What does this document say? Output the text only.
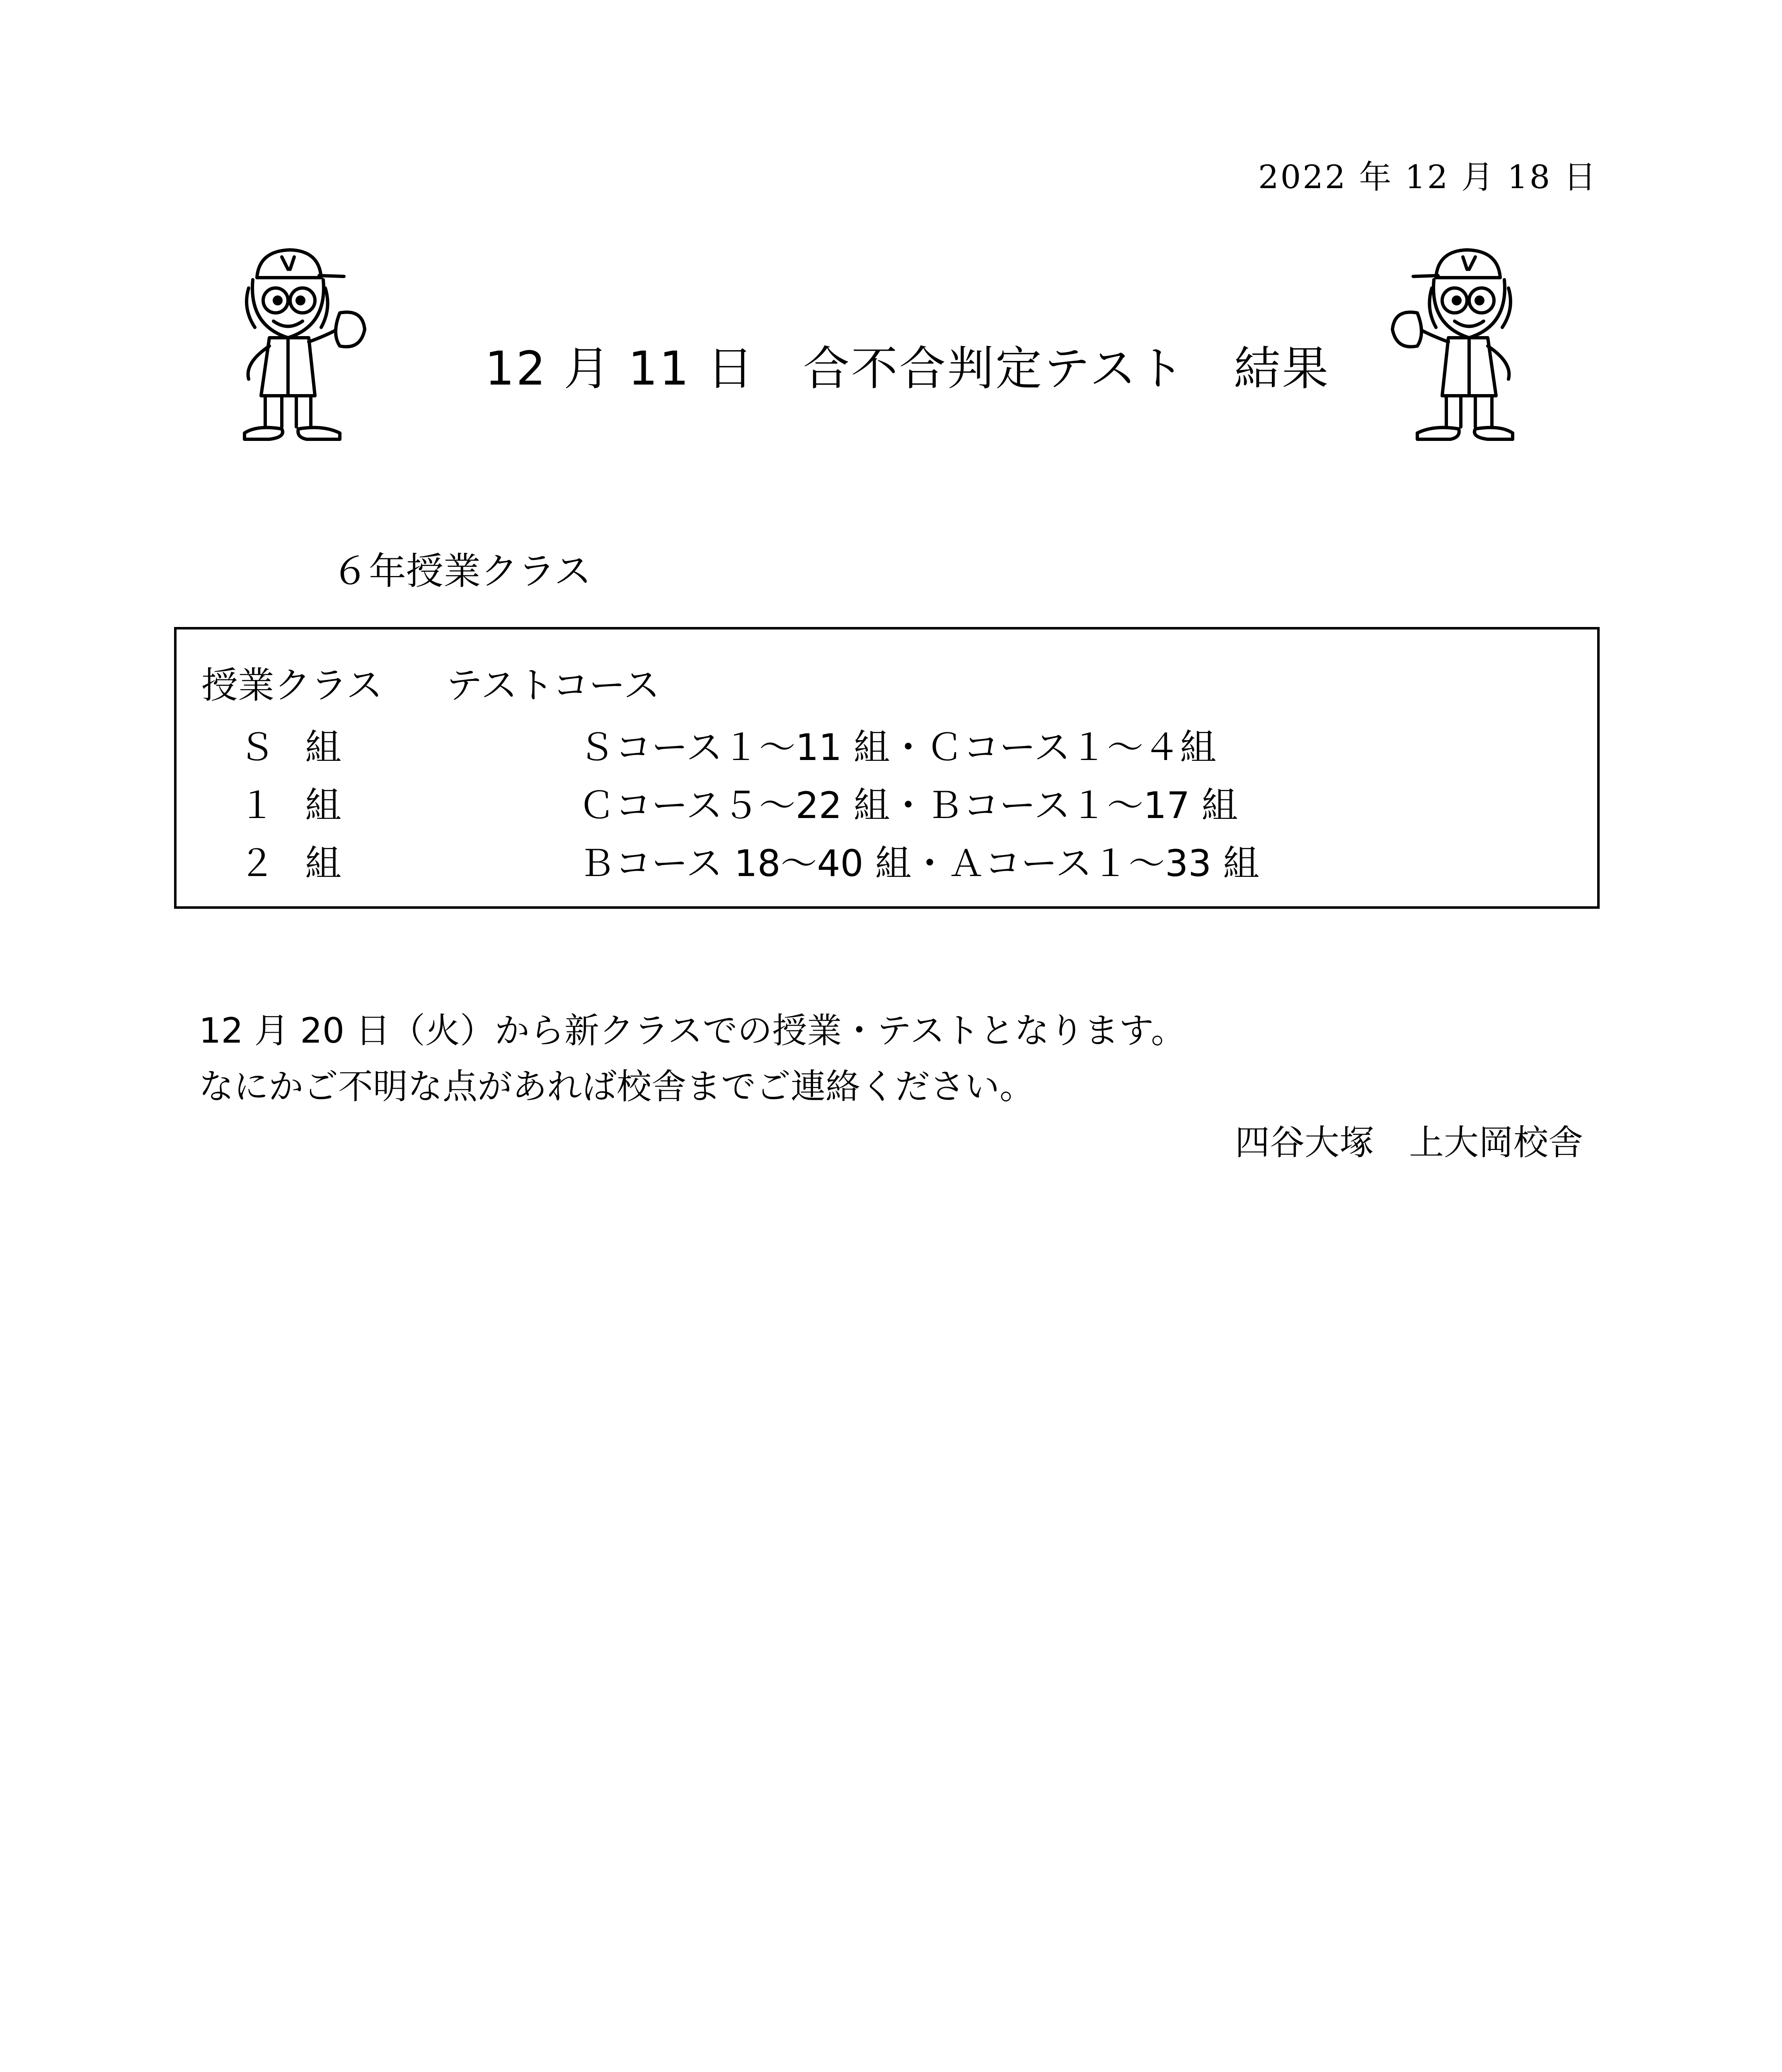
2022 年 12 月 18 日
12 月 11 日　合不合判定テスト　結果
６年授業クラス
授業クラス テストコース
Ｓ 組	Ｓコース１～11 組・Ｃコース１～４組
１ 組	Ｃコース５～22 組・Ｂコース１～17 組
２ 組	Ｂコース 18～40 組・Ａコース１～33 組
12 月 20 日（火）から新クラスでの授業・テストとなります。
なにかご不明な点があれば校舎までご連絡ください。
四谷大塚　上大岡校舎
